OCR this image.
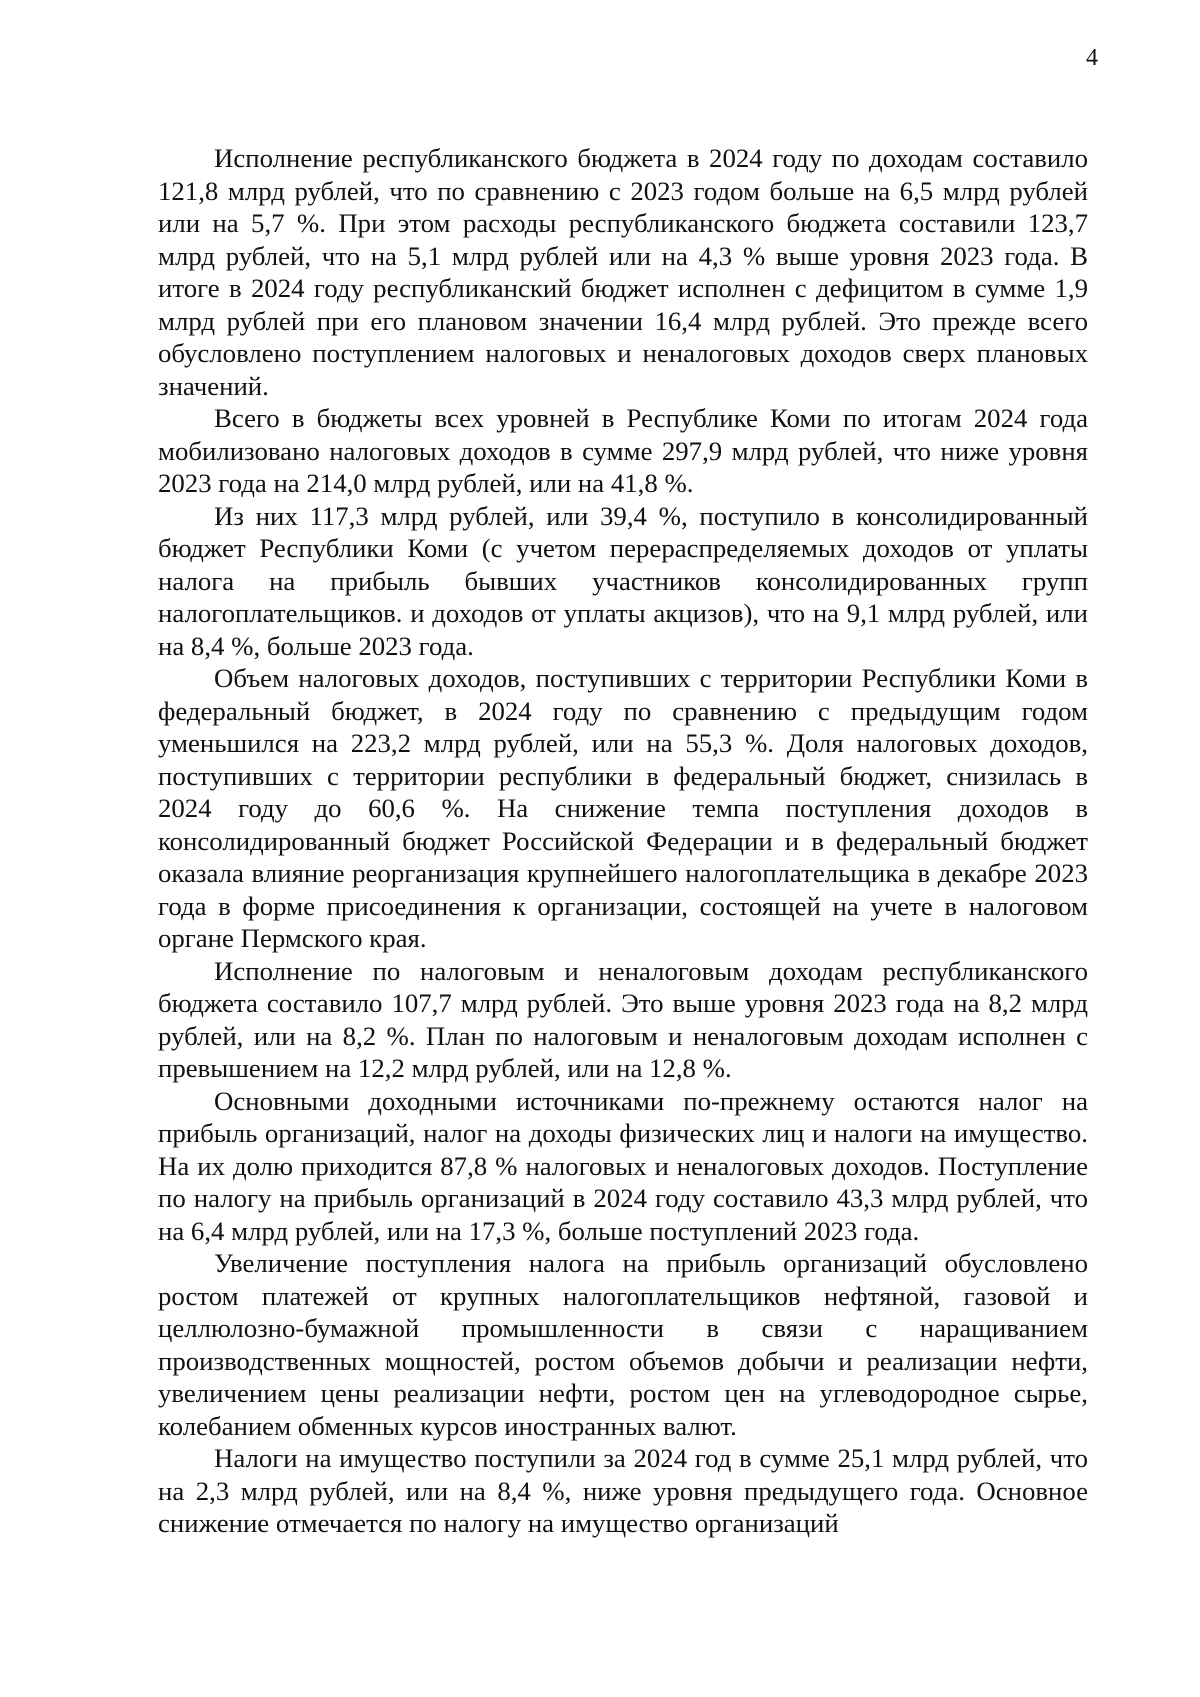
4

Исполнение республиканского бюджета в 2024 году по доходам составило 121,8 млрд рублей, что по сравнению с 2023 годом больше на 6,5 млрд рублей или на 5,7 %. При этом расходы республиканского бюджета составили 123,7 млрд рублей, что на 5,1 млрд рублей или на 4,3 % выше уровня 2023 года. В итоге в 2024 году республиканский бюджет исполнен с дефицитом в сумме 1,9 млрд рублей при его плановом значении 16,4 млрд рублей. Это прежде всего обусловлено поступлением налоговых и неналоговых доходов сверх плановых значений.

Всего в бюджеты всех уровней в Республике Коми по итогам 2024 года мобилизовано налоговых доходов в сумме 297,9 млрд рублей, что ниже уровня 2023 года на 214,0 млрд рублей, или на 41,8 %.

Из них 117,3 млрд рублей, или 39,4 %, поступило в консолидированный бюджет Республики Коми (с учетом перераспределяемых доходов от уплаты налога на прибыль бывших участников консолидированных групп налогоплательщиков. и доходов от уплаты акцизов), что на 9,1 млрд рублей, или на 8,4 %, больше 2023 года.

Объем налоговых доходов, поступивших с территории Республики Коми в федеральный бюджет, в 2024 году по сравнению с предыдущим годом уменьшился на 223,2 млрд рублей, или на 55,3 %. Доля налоговых доходов, поступивших с территории республики в федеральный бюджет, снизилась в 2024 году до 60,6 %. На снижение темпа поступления доходов в консолидированный бюджет Российской Федерации и в федеральный бюджет оказала влияние реорганизация крупнейшего налогоплательщика в декабре 2023 года в форме присоединения к организации, состоящей на учете в налоговом органе Пермского края.

Исполнение по налоговым и неналоговым доходам республиканского бюджета составило 107,7 млрд рублей. Это выше уровня 2023 года на 8,2 млрд рублей, или на 8,2 %. План по налоговым и неналоговым доходам исполнен с превышением на 12,2 млрд рублей, или на 12,8 %.

Основными доходными источниками по-прежнему остаются налог на прибыль организаций, налог на доходы физических лиц и налоги на имущество. На их долю приходится 87,8 % налоговых и неналоговых доходов. Поступление по налогу на прибыль организаций в 2024 году составило 43,3 млрд рублей, что на 6,4 млрд рублей, или на 17,3 %, больше поступлений 2023 года.

Увеличение поступления налога на прибыль организаций обусловлено ростом платежей от крупных налогоплательщиков нефтяной, газовой и целлюлозно-бумажной промышленности в связи с наращиванием производственных мощностей, ростом объемов добычи и реализации нефти, увеличением цены реализации нефти, ростом цен на углеводородное сырье, колебанием обменных курсов иностранных валют.

Налоги на имущество поступили за 2024 год в сумме 25,1 млрд рублей, что на 2,3 млрд рублей, или на 8,4 %, ниже уровня предыдущего года. Основное снижение отмечается по налогу на имущество организаций
